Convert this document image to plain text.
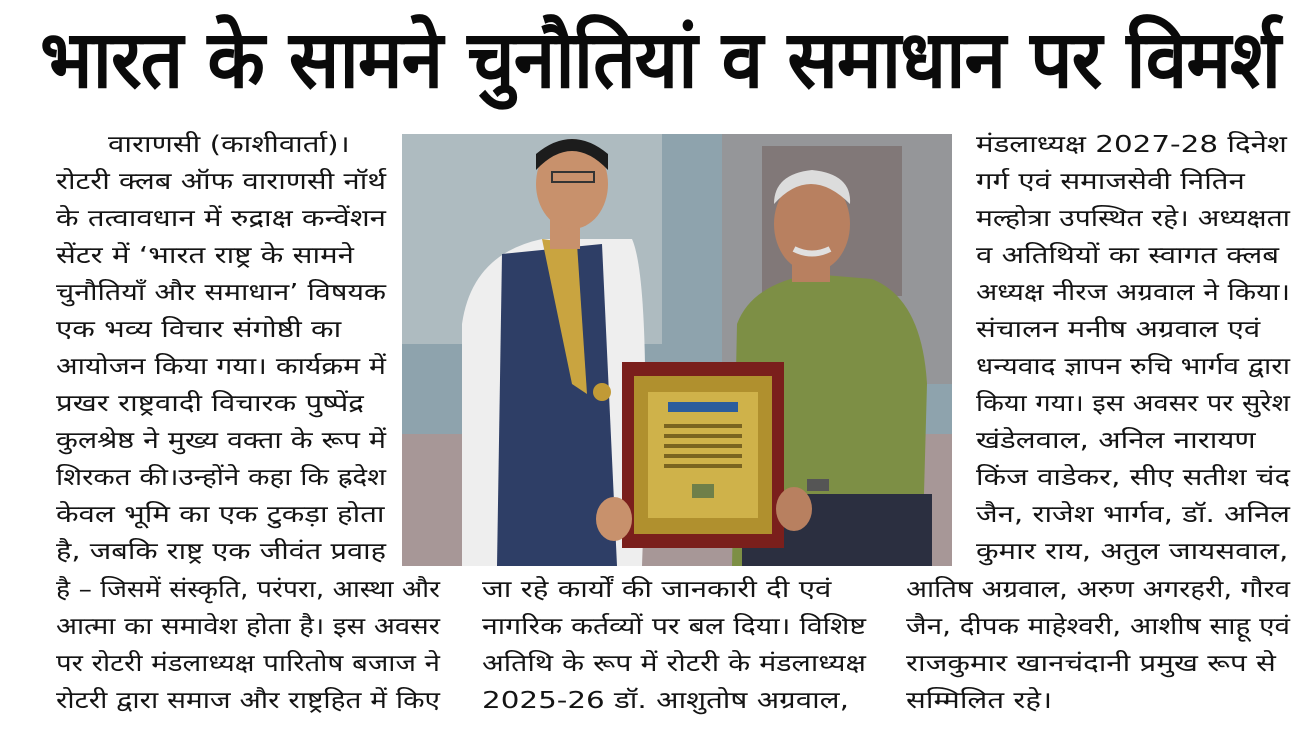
भारत के सामने चुनौतियां व समाधान पर विमर्श
वाराणसी (काशीवार्ता)।
रोटरी क्लब ऑफ वाराणसी नॉर्थ
के तत्वावधान में रुद्राक्ष कन्वेंशन
सेंटर में ‘भारत राष्ट्र के सामने
चुनौतियाँ और समाधान’ विषयक
एक भव्य विचार संगोष्ठी का
आयोजन किया गया। कार्यक्रम में
प्रखर राष्ट्रवादी विचारक पुष्पेंद्र
कुलश्रेष्ठ ने मुख्य वक्ता के रूप में
शिरकत की।उन्होंने कहा कि ह्रदेश
केवल भूमि का एक टुकड़ा होता
है, जबकि राष्ट्र एक जीवंत प्रवाह
है – जिसमें संस्कृति, परंपरा, आस्था और
आत्मा का समावेश होता है। इस अवसर
पर रोटरी मंडलाध्यक्ष पारितोष बजाज ने
रोटरी द्वारा समाज और राष्ट्रहित में किए
जा रहे कार्यों की जानकारी दी एवं
नागरिक कर्तव्यों पर बल दिया। विशिष्ट
अतिथि के रूप में रोटरी के मंडलाध्यक्ष
2025-26 डॉ. आशुतोष अग्रवाल,
मंडलाध्यक्ष 2027-28 दिनेश
गर्ग एवं समाजसेवी नितिन
मल्होत्रा उपस्थित रहे। अध्यक्षता
व अतिथियों का स्वागत क्लब
अध्यक्ष नीरज अग्रवाल ने किया।
संचालन मनीष अग्रवाल एवं
धन्यवाद ज्ञापन रुचि भार्गव द्वारा
किया गया। इस अवसर पर सुरेश
खंडेलवाल, अनिल नारायण
किंज वाडेकर, सीए सतीश चंद
जैन, राजेश भार्गव, डॉ. अनिल
कुमार राय, अतुल जायसवाल,
आतिष अग्रवाल, अरुण अगरहरी, गौरव
जैन, दीपक माहेश्वरी, आशीष साहू एवं
राजकुमार खानचंदानी प्रमुख रूप से
सम्मिलित रहे।
